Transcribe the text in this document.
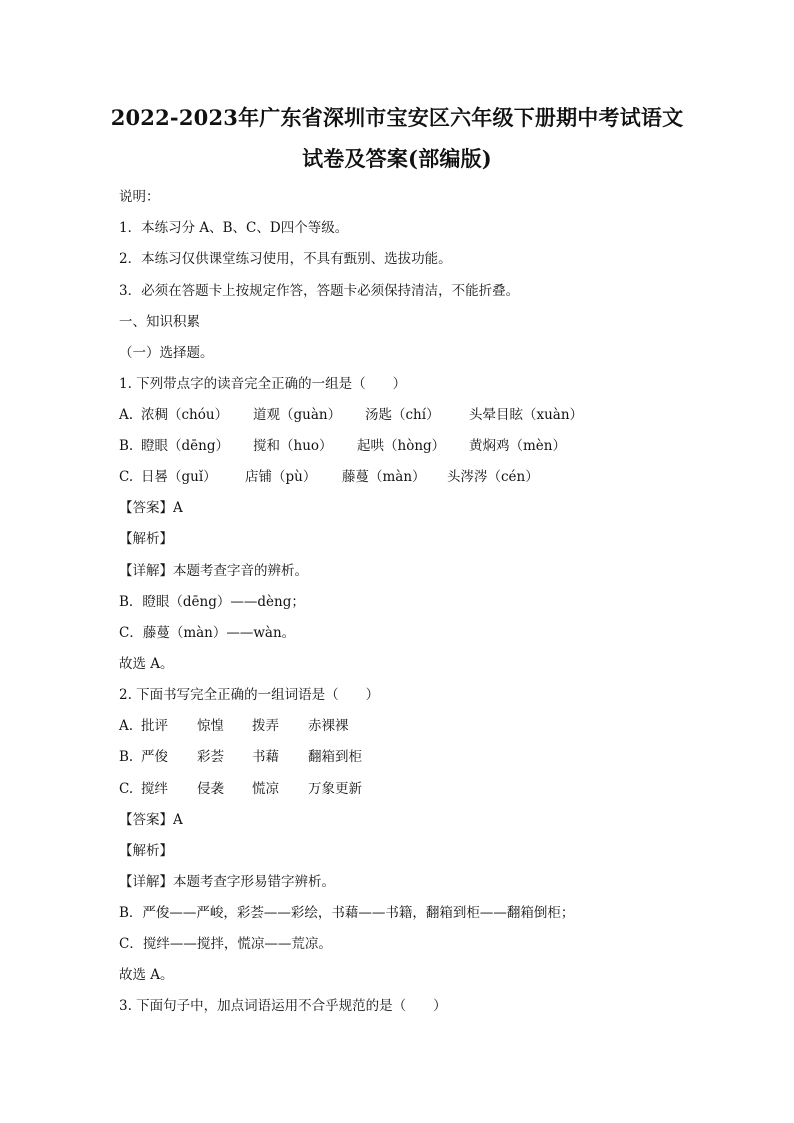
2022-2023年广东省深圳市宝安区六年级下册期中考试语文
试卷及答案(部编版)
说明：
1．本练习分 A、B、C、D四个等级。
2．本练习仅供课堂练习使用，不具有甄别、选拔功能。
3．必须在答题卡上按规定作答，答题卡必须保持清洁，不能折叠。
一、知识积累
（一）选择题。
1. 下列带点字的读音完全正确的一组是（　　）
A. 浓稠（chóu） 道观（guàn） 汤匙（chí） 头晕目眩（xuàn）
B. 瞪眼（dēng） 搅和（huo） 起哄（hòng） 黄焖鸡（mèn）
C. 日晷（guǐ） 店铺（pù） 藤蔓（màn） 头涔涔（cén）
【答案】A
【解析】
【详解】本题考查字音的辨析。
B．瞪眼（dēng）——dèng；
C．藤蔓（màn）——wàn。
故选 A。
2. 下面书写完全正确的一组词语是（　　）
A. 批评 惊惶 拨弄 赤裸裸
B. 严俊 彩荟 书藉 翻箱到柜
C. 搅绊 侵袭 慌凉 万象更新
【答案】A
【解析】
【详解】本题考查字形易错字辨析。
B．严俊——严峻，彩荟——彩绘，书藉——书籍，翻箱到柜——翻箱倒柜；
C．搅绊——搅拌，慌凉——荒凉。
故选 A。
3. 下面句子中，加点词语运用不合乎规范的是（　　）
